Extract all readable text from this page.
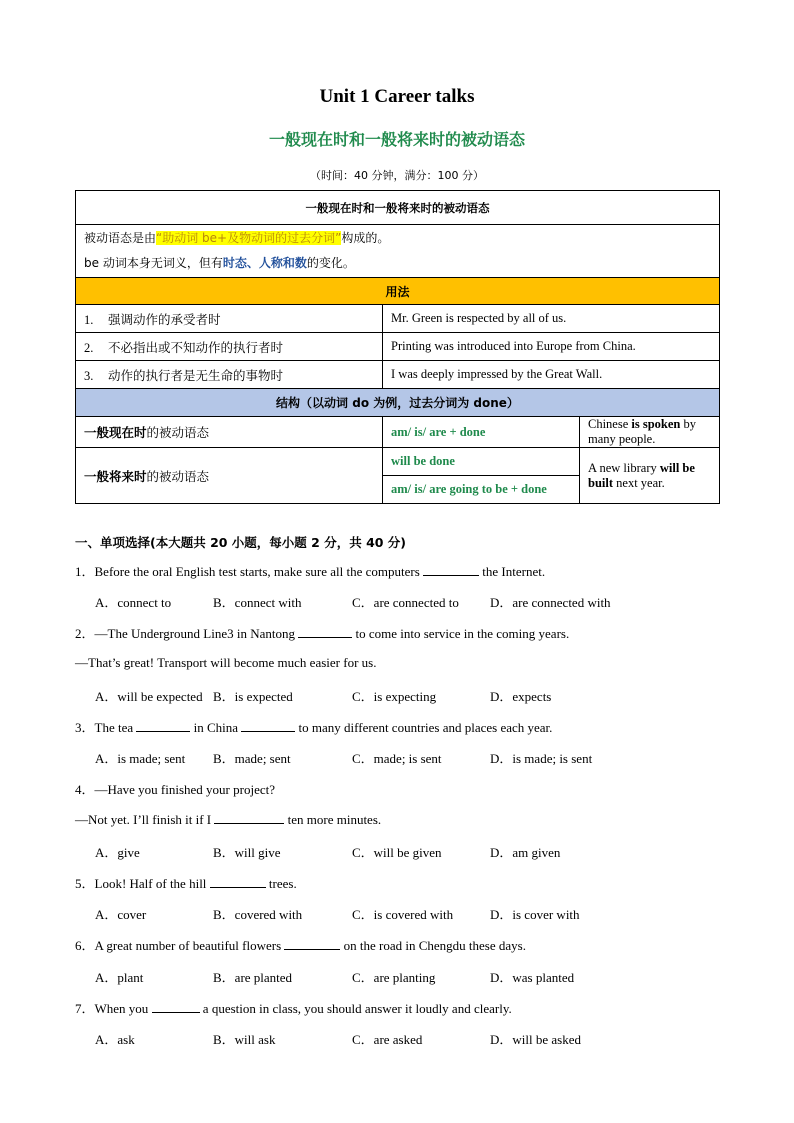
Unit 1 Career talks
一般现在时和一般将来时的被动语态
（时间：40 分钟，满分：100 分）
一般现在时和一般将来时的被动语态		

被动语态是由“助动词 be+及物动词的过去分词”构成的。
be 动词本身无词义，但有时态、人称和数的变化。		

用法		
1. 强调动作的承受者时	Mr. Green is respected by all of us.	
2. 不必指出或不知动作的执行者时	Printing was introduced into Europe from China.	
3. 动作的执行者是无生命的事物时	I was deeply impressed by the Great Wall.	
结构（以动词 do 为例，过去分词为 done）		
一般现在时的被动语态	am/ is/ are + done	Chinese is spoken by many people.
一般将来时的被动语态	will be done	A new library will be built next year.
	am/ is/ are going to be + done	
一、单项选择(本大题共 20 小题，每小题 2 分，共 40 分)
1．Before the oral English test starts, make sure all the computers	the Internet.
A．connect to	B．connect with	C．are connected to D．are connected with
2．—The Underground Line3 in Nantong	to come into service in the coming years.
—That’s great! Transport will become much easier for us.
A．will be expected B．is expected	C．is expecting	D．expects
3．The tea	in China	to many different countries and places each year.
A．is made; sent B．made; sent	C．made; is sent	D．is made; is sent
4．—Have you finished your project?
—Not yet. I’ll finish it if I	ten more minutes.
A．give	B．will give	C．will be given	D．am given
5．Look! Half of the hill	trees.
A．cover	B．covered with	C．is covered with	D．is cover with
6．A great number of beautiful flowers	on the road in Chengdu these days.
A．plant	B．are planted	C．are planting	D．was planted
7．When you	a question in class, you should answer it loudly and clearly.
A．ask	B．will ask	C．are asked	D．will be asked
